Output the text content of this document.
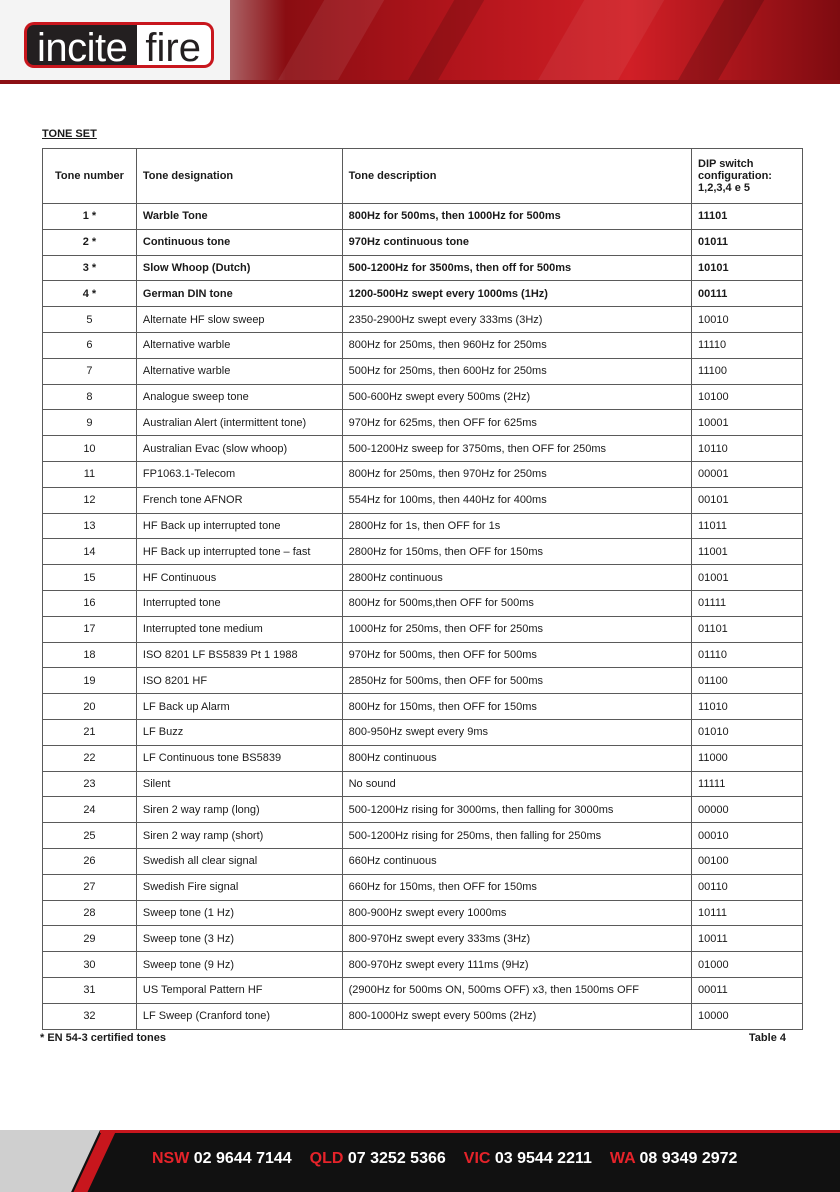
incite fire
TONE SET
Tone number	Tone designation	Tone description	DIP switch configuration: 1,2,3,4 e 5
1 *	Warble Tone	800Hz for 500ms, then 1000Hz for 500ms	11101
2 *	Continuous tone	970Hz continuous tone	01011
3 *	Slow Whoop (Dutch)	500-1200Hz for 3500ms, then off for 500ms	10101
4 *	German DIN tone	1200-500Hz swept every 1000ms (1Hz)	00111
5	Alternate HF slow sweep	2350-2900Hz swept every 333ms (3Hz)	10010
6	Alternative warble	800Hz for 250ms, then 960Hz for 250ms	11110
7	Alternative warble	500Hz for 250ms, then 600Hz for 250ms	11100
8	Analogue sweep tone	500-600Hz swept every 500ms (2Hz)	10100
9	Australian Alert (intermittent tone)	970Hz for 625ms, then OFF for 625ms	10001
10	Australian Evac (slow whoop)	500-1200Hz sweep for 3750ms, then OFF for 250ms	10110
11	FP1063.1-Telecom	800Hz for 250ms, then 970Hz for 250ms	00001
12	French tone AFNOR	554Hz for 100ms, then 440Hz for 400ms	00101
13	HF Back up interrupted tone	2800Hz for 1s, then OFF for 1s	11011
14	HF Back up interrupted tone – fast	2800Hz for 150ms, then OFF for 150ms	11001
15	HF Continuous	2800Hz continuous	01001
16	Interrupted tone	800Hz for 500ms,then OFF for 500ms	01111
17	Interrupted tone medium	1000Hz for 250ms, then OFF for 250ms	01101
18	ISO 8201 LF BS5839 Pt 1 1988	970Hz for 500ms, then OFF for 500ms	01110
19	ISO 8201 HF	2850Hz for 500ms, then OFF for 500ms	01100
20	LF Back up Alarm	800Hz for 150ms, then OFF for 150ms	11010
21	LF Buzz	800-950Hz swept every 9ms	01010
22	LF Continuous tone BS5839	800Hz continuous	11000
23	Silent	No sound	11111
24	Siren 2 way ramp (long)	500-1200Hz rising for 3000ms, then falling for 3000ms	00000
25	Siren 2 way ramp (short)	500-1200Hz rising for 250ms, then falling for 250ms	00010
26	Swedish all clear signal	660Hz continuous	00100
27	Swedish Fire signal	660Hz for 150ms, then OFF for 150ms	00110
28	Sweep tone (1 Hz)	800-900Hz swept every 1000ms	10111
29	Sweep tone (3 Hz)	800-970Hz swept every 333ms (3Hz)	10011
30	Sweep tone (9 Hz)	800-970Hz swept every 111ms (9Hz)	01000
31	US Temporal Pattern HF	(2900Hz for 500ms ON, 500ms OFF) x3, then 1500ms OFF	00011
32	LF Sweep (Cranford tone)	800-1000Hz swept every 500ms (2Hz)	10000
* EN 54-3 certified tones	Table 4
NSW 02 9644 7144 QLD 07 3252 5366 VIC 03 9544 2211 WA 08 9349 2972
